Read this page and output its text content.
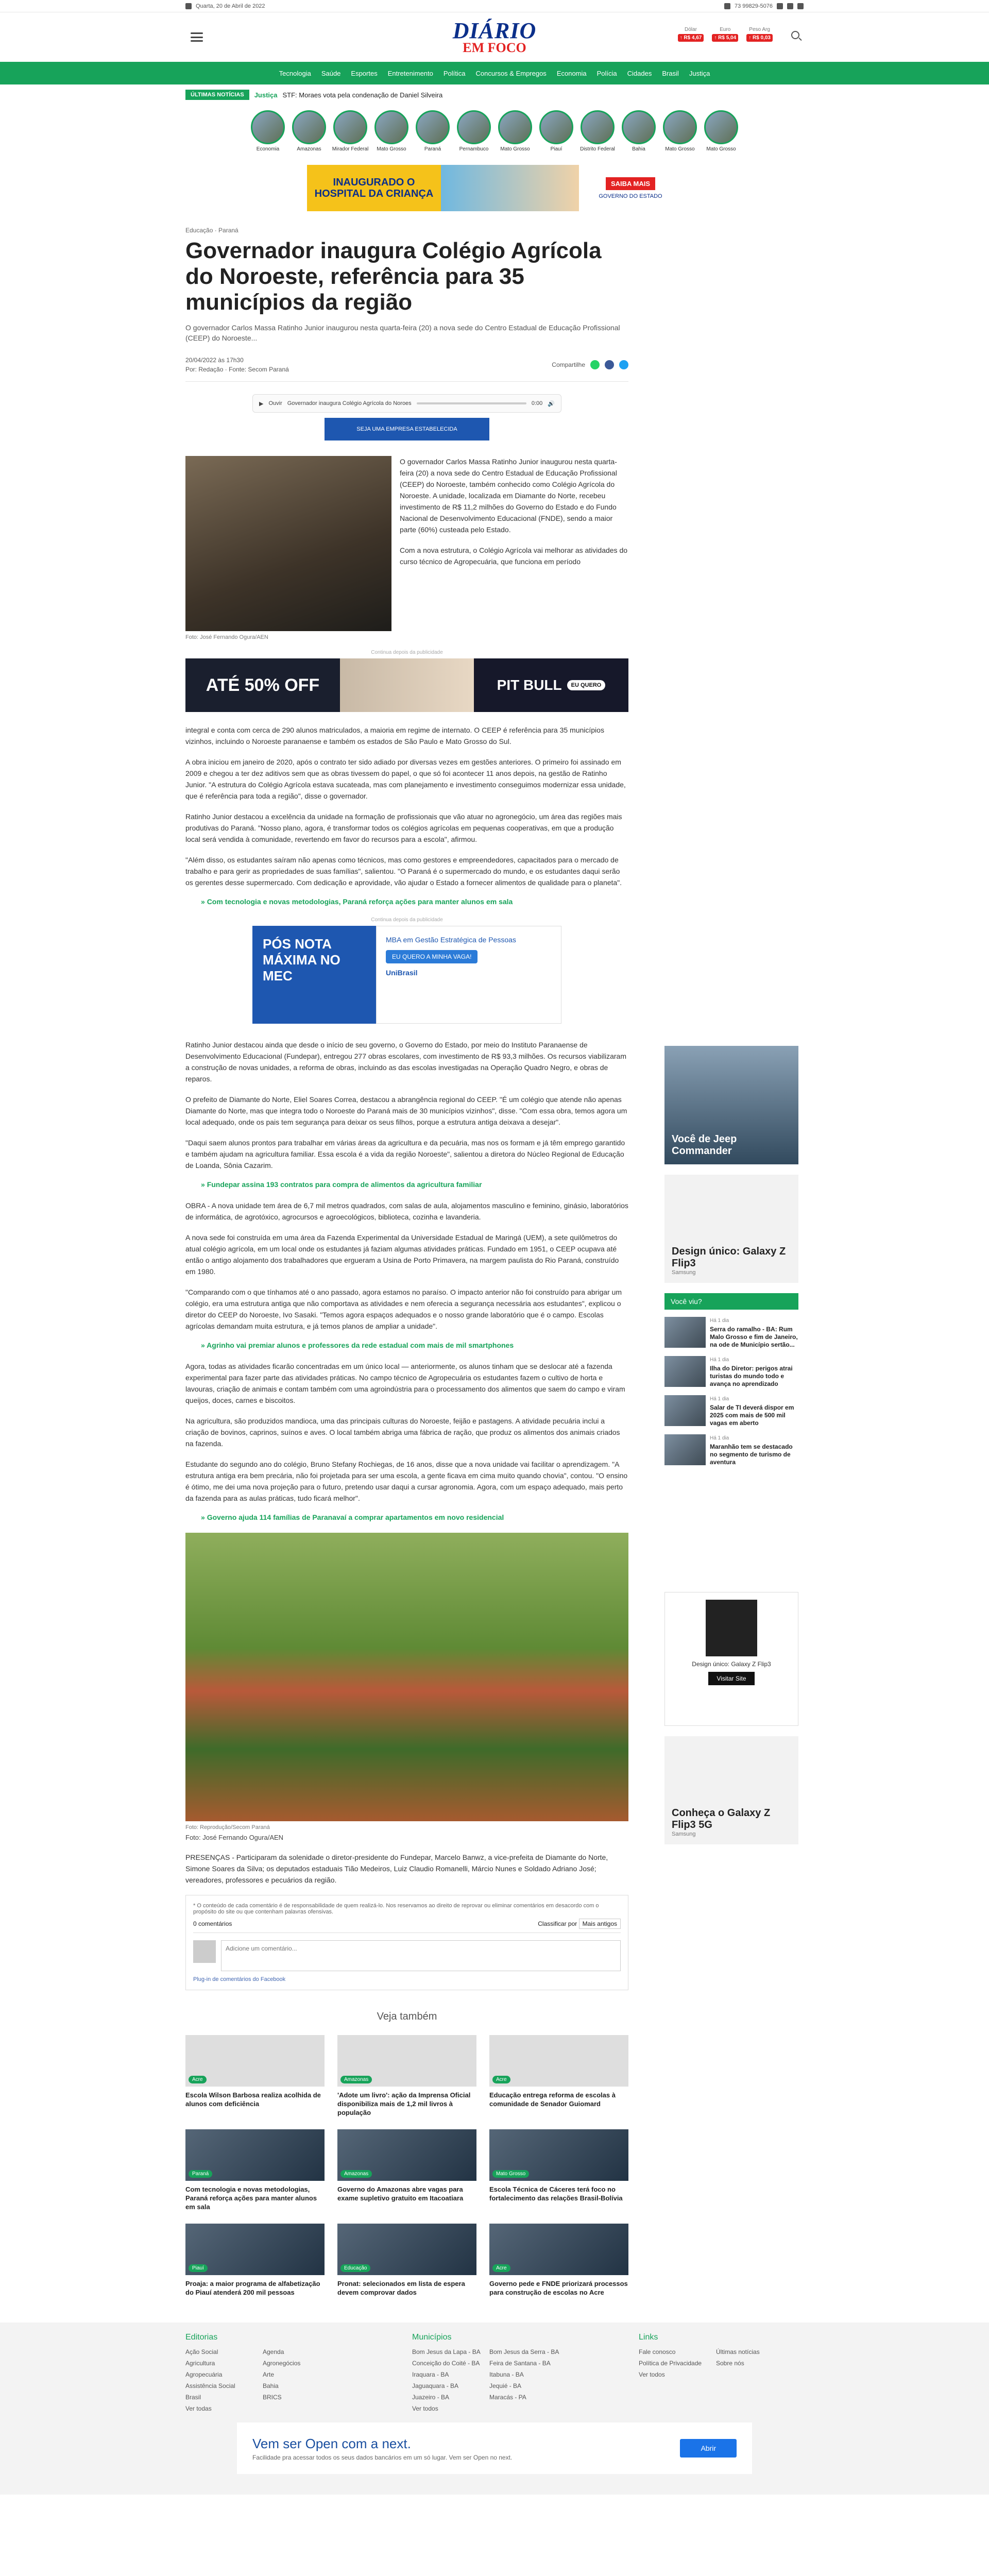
Quarta, 20 de Abril de 2022	73 99829-5076
DIÁRIO
EM FOCO
Dólar
↑ R$ 4,67
Euro
↑ R$ 5,04
Peso Arg
↑ R$ 0,03
Tecnologia Saúde Esportes Entretenimento Política Concursos & Empregos Economia Polícia Cidades Brasil Justiça
ÚLTIMAS NOTÍCIAS	Justiça STF: Moraes vota pela condenação de Daniel Silveira
Economia	Amazonas	Mirador Federal	Mato Grosso	Paraná	Pernambuco	Mato Grosso	Piauí	Distrito Federal	Bahia	Mato Grosso	Mato Grosso
INAUGURADO O HOSPITAL DA CRIANÇA
SAIBA MAIS
GOVERNO DO ESTADO
Educação · Paraná
Governador inaugura Colégio Agrícola do Noroeste, referência para 35 municípios da região

O governador Carlos Massa Ratinho Junior inaugurou nesta quarta-feira (20) a nova sede do Centro Estadual de Educação Profissional (CEEP) do Noroeste...

20/04/2022 às 17h30
Por: Redação · Fonte: Secom Paraná
Compartilhe
▶ Ouvir Governador inaugura Colégio Agrícola do Noroes	0:00 🔊
SEJA UMA EMPRESA ESTABELECIDA
Foto: José Fernando Ogura/AEN

O governador Carlos Massa Ratinho Junior inaugurou nesta quarta-feira (20) a nova sede do Centro Estadual de Educação Profissional (CEEP) do Noroeste, também conhecido como Colégio Agrícola do Noroeste. A unidade, localizada em Diamante do Norte, recebeu investimento de R$ 11,2 milhões do Governo do Estado e do Fundo Nacional de Desenvolvimento Educacional (FNDE), sendo a maior parte (60%) custeada pelo Estado.

Com a nova estrutura, o Colégio Agrícola vai melhorar as atividades do curso técnico de Agropecuária, que funciona em período

Continua depois da publicidade
ATÉ 50% OFF	PIT BULL	EU QUERO

integral e conta com cerca de 290 alunos matriculados, a maioria em regime de internato. O CEEP é referência para 35 municípios vizinhos, incluindo o Noroeste paranaense e também os estados de São Paulo e Mato Grosso do Sul.

A obra iniciou em janeiro de 2020, após o contrato ter sido adiado por diversas vezes em gestões anteriores. O primeiro foi assinado em 2009 e chegou a ter dez aditivos sem que as obras tivessem do papel, o que só foi acontecer 11 anos depois, na gestão de Ratinho Junior. "A estrutura do Colégio Agrícola estava sucateada, mas com planejamento e investimento conseguimos modernizar essa unidade, que é referência para toda a região", disse o governador.

Ratinho Junior destacou a excelência da unidade na formação de profissionais que vão atuar no agronegócio, um área das regiões mais produtivas do Paraná. "Nosso plano, agora, é transformar todos os colégios agrícolas em pequenas cooperativas, em que a produção local será vendida à comunidade, revertendo em favor do recursos para a escola", afirmou.

"Além disso, os estudantes saíram não apenas como técnicos, mas como gestores e empreendedores, capacitados para o mercado de trabalho e para gerir as propriedades de suas famílias", salientou. "O Paraná é o supermercado do mundo, e os estudantes daqui serão os gerentes desse supermercado. Com dedicação e aprovidade, vão ajudar o Estado a fornecer alimentos de qualidade para o planeta".

» Com tecnologia e novas metodologias, Paraná reforça ações para manter alunos em sala
Continua depois da publicidade
PÓS NOTA MÁXIMA NO MEC
MBA em Gestão Estratégica de Pessoas
EU QUERO A MINHA VAGA!
UniBrasil

Ratinho Junior destacou ainda que desde o início de seu governo, o Governo do Estado, por meio do Instituto Paranaense de Desenvolvimento Educacional (Fundepar), entregou 277 obras escolares, com investimento de R$ 93,3 milhões. Os recursos viabilizaram a construção de novas unidades, a reforma de obras, incluindo as das escolas investigadas na Operação Quadro Negro, e obras de reparos.

O prefeito de Diamante do Norte, Eliel Soares Correa, destacou a abrangência regional do CEEP. "É um colégio que atende não apenas Diamante do Norte, mas que integra todo o Noroeste do Paraná mais de 30 municípios vizinhos", disse. "Com essa obra, temos agora um local adequado, onde os pais tem segurança para deixar os seus filhos, porque a estrutura antiga deixava a desejar".

"Daqui saem alunos prontos para trabalhar em várias áreas da agricultura e da pecuária, mas nos os formam e já têm emprego garantido e também ajudam na agricultura familiar. Essa escola é a vida da região Noroeste", salientou a diretora do Núcleo Regional de Educação de Loanda, Sônia Cazarim.

» Fundepar assina 193 contratos para compra de alimentos da agricultura familiar

OBRA - A nova unidade tem área de 6,7 mil metros quadrados, com salas de aula, alojamentos masculino e feminino, ginásio, laboratórios de informática, de agrotóxico, agrocursos e agroecológicos, biblioteca, cozinha e lavanderia.

A nova sede foi construída em uma área da Fazenda Experimental da Universidade Estadual de Maringá (UEM), a sete quilômetros do atual colégio agrícola, em um local onde os estudantes já faziam algumas atividades práticas. Fundado em 1951, o CEEP ocupava até então o antigo alojamento dos trabalhadores que ergueram a Usina de Porto Primavera, na margem paulista do Rio Paraná, construído em 1980.

"Comparando com o que tínhamos até o ano passado, agora estamos no paraíso. O impacto anterior não foi construído para abrigar um colégio, era uma estrutura antiga que não comportava as atividades e nem oferecia a segurança necessária aos estudantes", explicou o diretor do CEEP do Noroeste, Ivo Sasaki. "Temos agora espaços adequados e o nosso grande laboratório que é o campo. Escolas agrícolas demandam muita estrutura, e já temos planos de ampliar a unidade".

» Agrinho vai premiar alunos e professores da rede estadual com mais de mil smartphones

Agora, todas as atividades ficarão concentradas em um único local — anteriormente, os alunos tinham que se deslocar até a fazenda experimental para fazer parte das atividades práticas. No campo técnico de Agropecuária os estudantes fazem o cultivo de horta e lavouras, criação de animais e contam também com uma agroindústria para o processamento dos alimentos que saem do campo e viram queijos, doces, carnes e biscoitos.

Na agricultura, são produzidos mandioca, uma das principais culturas do Noroeste, feijão e pastagens. A atividade pecuária inclui a criação de bovinos, caprinos, suínos e aves. O local também abriga uma fábrica de ração, que produz os alimentos dos animais criados na fazenda.

Estudante do segundo ano do colégio, Bruno Stefany Rochiegas, de 16 anos, disse que a nova unidade vai facilitar o aprendizagem. "A estrutura antiga era bem precária, não foi projetada para ser uma escola, a gente ficava em cima muito quando chovia", contou. "O ensino é ótimo, me dei uma nova projeção para o futuro, pretendo usar daqui a cursar agronomia. Agora, com um espaço adequado, mais perto da fazenda para as aulas práticas, tudo ficará melhor".

» Governo ajuda 114 famílias de Paranavaí a comprar apartamentos em novo residencial
Foto: Reprodução/Secom Paraná
Foto: José Fernando Ogura/AEN

PRESENÇAS - Participaram da solenidade o diretor-presidente do Fundepar, Marcelo Banwz, a vice-prefeita de Diamante do Norte, Simone Soares da Silva; os deputados estaduais Tião Medeiros, Luiz Claudio Romanelli, Márcio Nunes e Soldado Adriano José; vereadores, professores e pecuários da região.

* O conteúdo de cada comentário é de responsabilidade de quem realizá-lo. Nos reservamos ao direito de reprovar ou eliminar comentários em desacordo com o propósito do site ou que contenham palavras ofensivas.
0 comentários	Classificar por Mais antigos
Adicione um comentário...
Plug-in de comentários do Facebook
Veja também
Acre
Escola Wilson Barbosa realiza acolhida de alunos com deficiência
Amazonas
'Adote um livro': ação da Imprensa Oficial disponibiliza mais de 1,2 mil livros à população
Acre
Educação entrega reforma de escolas à comunidade de Senador Guiomard
Paraná
Com tecnologia e novas metodologias, Paraná reforça ações para manter alunos em sala
Amazonas
Governo do Amazonas abre vagas para exame supletivo gratuito em Itacoatiara
Mato Grosso
Escola Técnica de Cáceres terá foco no fortalecimento das relações Brasil-Bolívia
Piauí
Proaja: a maior programa de alfabetização do Piauí atenderá 200 mil pessoas
Educação
Pronat: selecionados em lista de espera devem comprovar dados
Acre
Governo pede e FNDE priorizará processos para construção de escolas no Acre
Você de Jeep Commander
Design único: Galaxy Z Flip3
Samsung
Você viu?
Há 1 dia
Serra do ramalho - BA: Rum Malo Grosso e fim de Janeiro, na ode de Município sertão...
Há 1 dia
Ilha do Diretor: perigos atrai turistas do mundo todo e avança no aprendizado
Há 1 dia
Salar de TI deverá dispor em 2025 com mais de 500 mil vagas em aberto
Há 1 dia
Maranhão tem se destacado no segmento de turismo de aventura
Design único: Galaxy Z Flip3
Visitar Site
Conheça o Galaxy Z Flip3 5G
Samsung
Editorias
Ação Social	Agenda
Agricultura	Agronegócios
Agropecuária	Arte
Assistência Social	Bahia
Brasil	BRICS
Ver todas
Municípios
Bom Jesus da Lapa - BA	Bom Jesus da Serra - BA
Conceição do Coité - BA	Feira de Santana - BA
Iraquara - BA	Itabuna - BA
Jaguaquara - BA	Jequié - BA
Juazeiro - BA	Maracás - PA
Ver todos
Links
Fale conosco	Últimas notícias
Política de Privacidade	Sobre nós
Ver todos
Vem ser Open com a next.
Facilidade pra acessar todos os seus dados bancários em um só lugar. Vem ser Open no next.
Abrir
